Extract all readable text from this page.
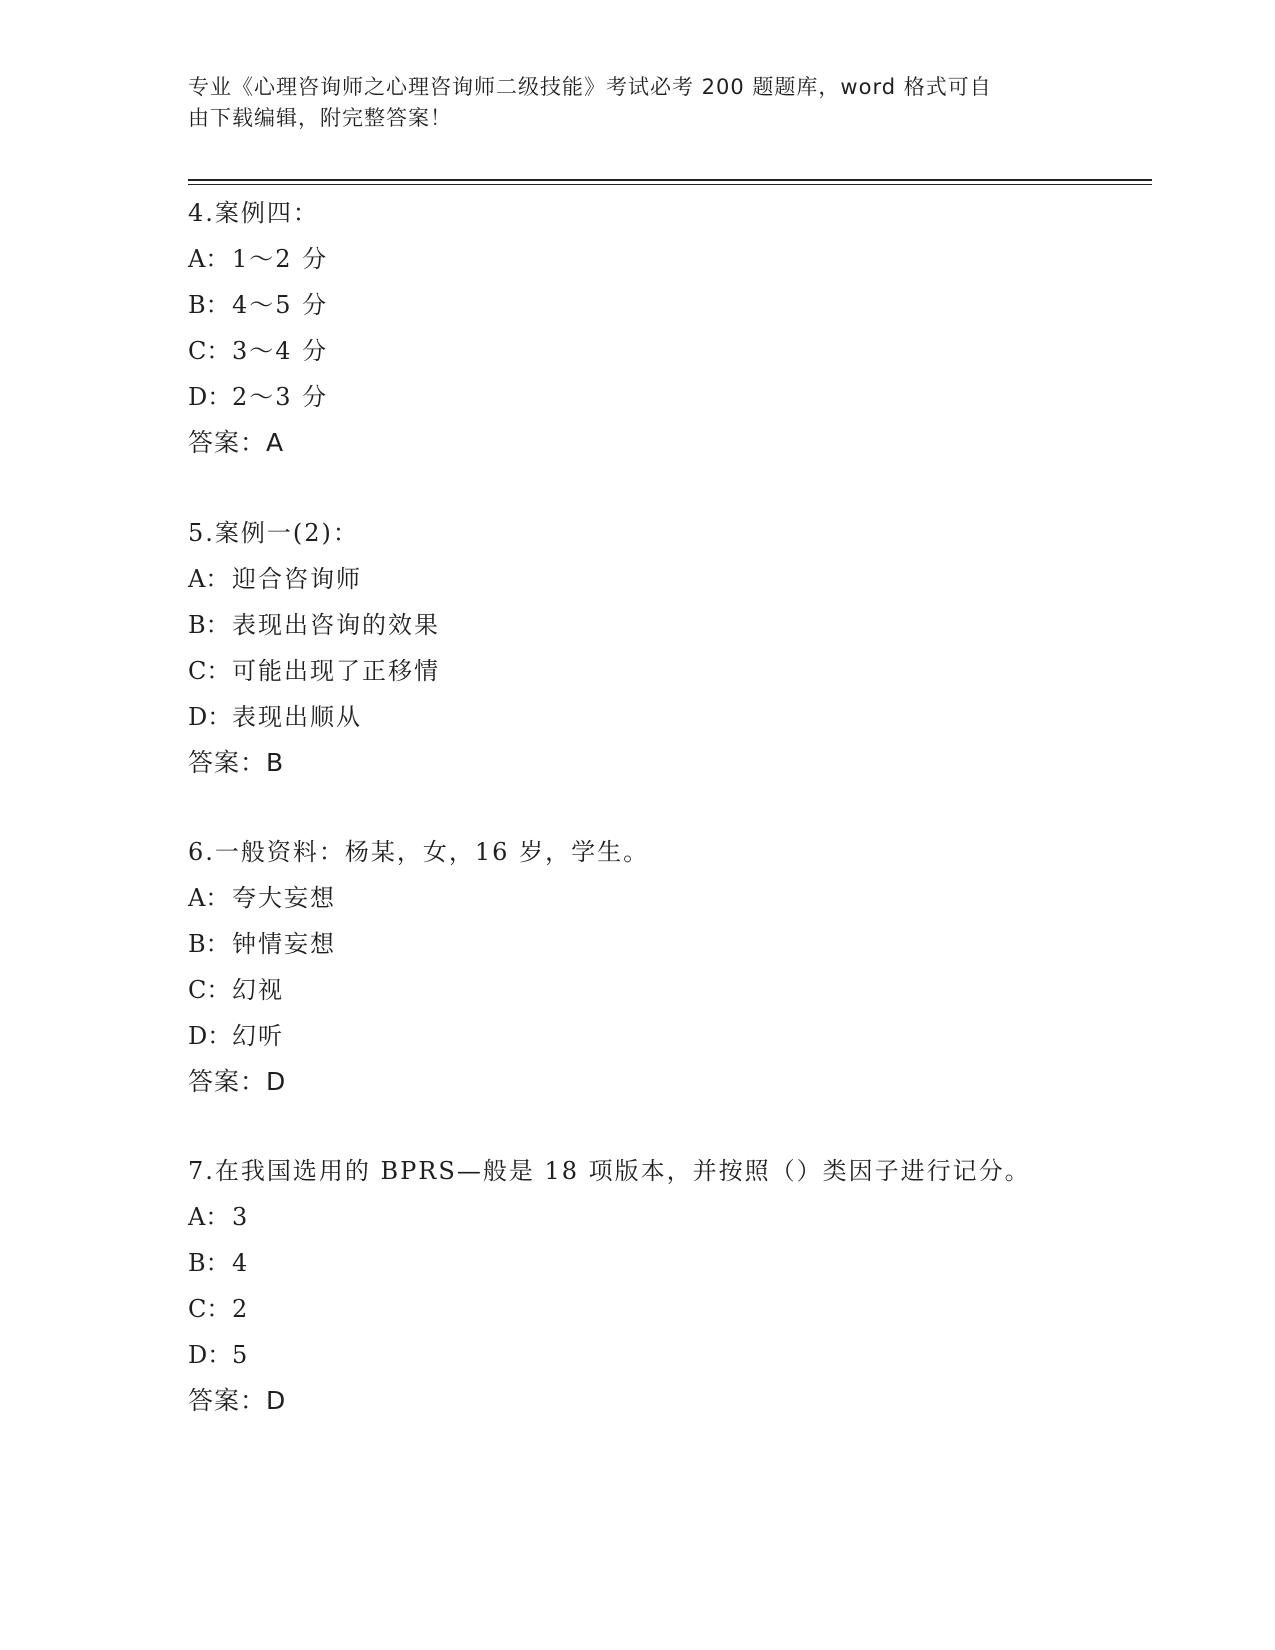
专业《心理咨询师之心理咨询师二级技能》考试必考 200 题题库，word 格式可自
由下载编辑，附完整答案！
4.案例四：
A： 1～2 分
B：4～5 分
C：3～4 分
D：2～3 分
答案：A
5.案例一(2)：
A： 迎合咨询师
B：表现出咨询的效果
C：可能出现了正移情
D：表现出顺从
答案：B
6.一般资料：杨某，女，16 岁，学生。
A： 夸大妄想
B：钟情妄想
C：幻视
D：幻听
答案：D
7.在我国选用的 BPRS—般是 18 项版本，并按照（）类因子进行记分。
A： 3
B：4
C：2
D：5
答案：D
